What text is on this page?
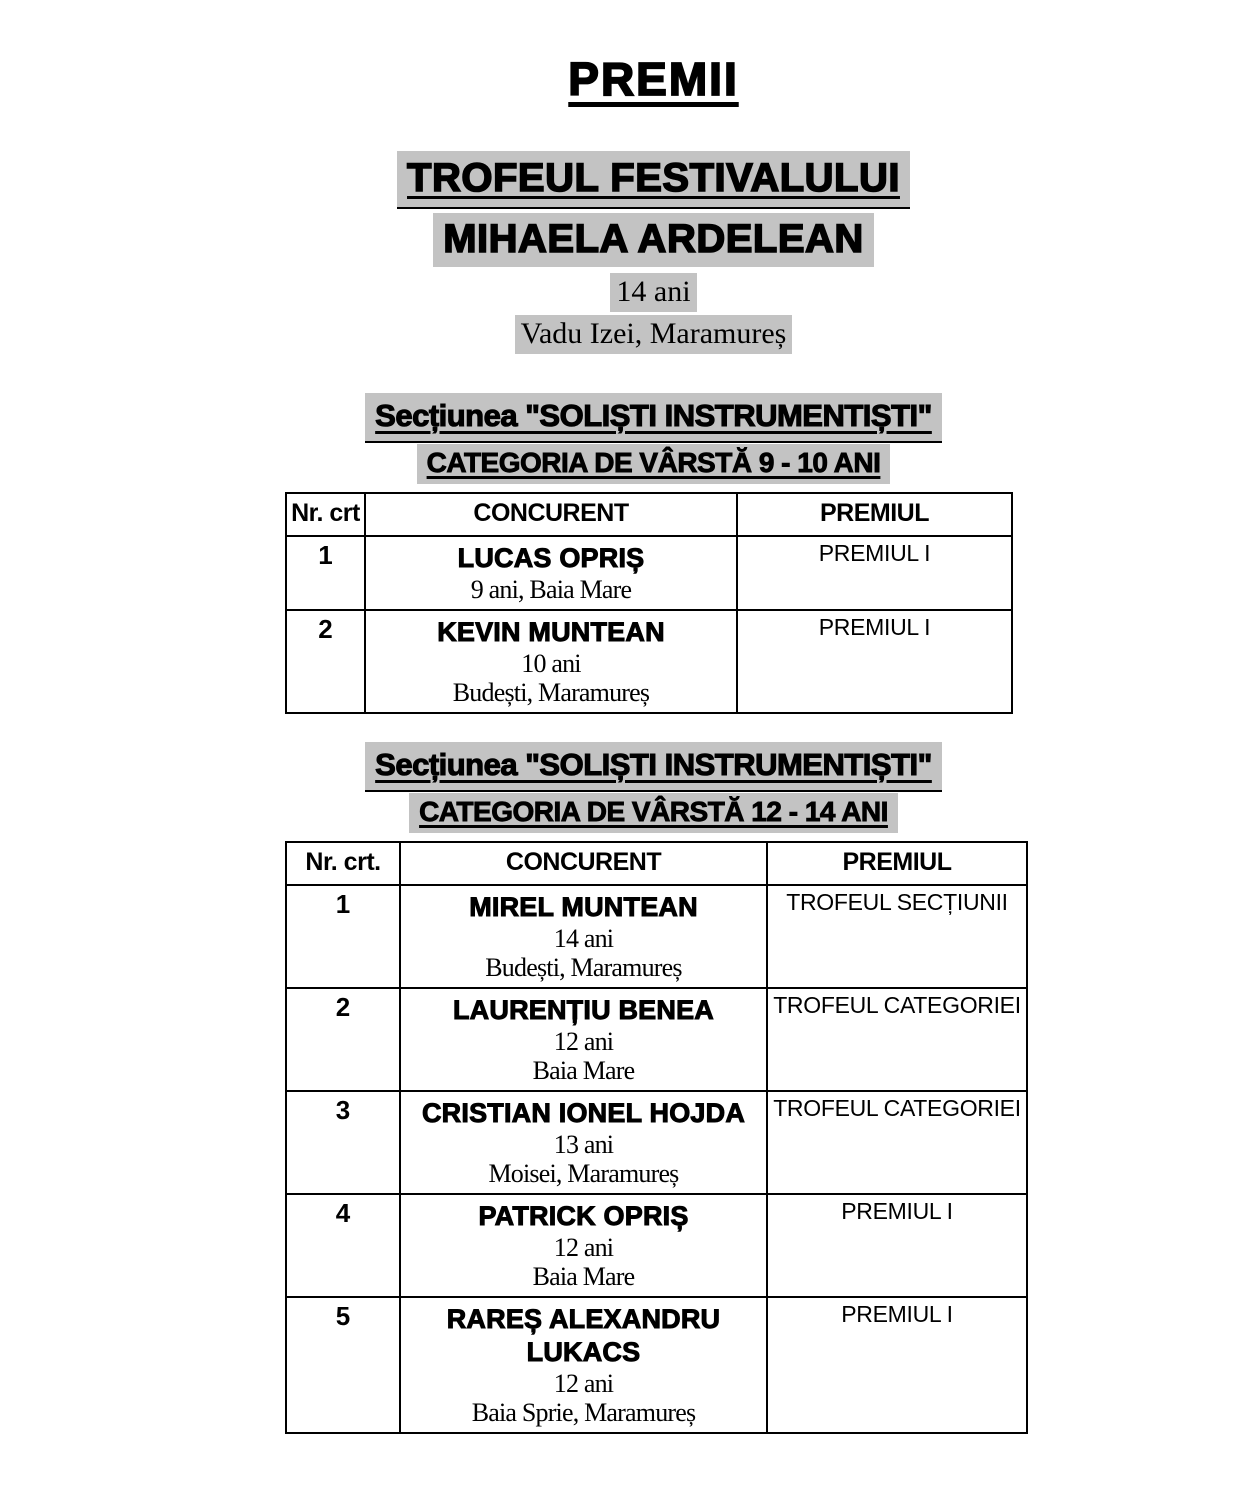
PREMII
TROFEUL FESTIVALULUI
MIHAELA ARDELEAN
14 ani
Vadu Izei, Maramureș
Secțiunea "SOLIȘTI INSTRUMENTIȘTI"
CATEGORIA DE VÂRSTĂ 9 - 10 ANI
Nr. crt	CONCURENT	PREMIUL
1	LUCAS OPRIȘ
9 ani, Baia Mare	PREMIUL I
2	KEVIN MUNTEAN
10 ani
Budești, Maramureș	PREMIUL I
Secțiunea "SOLIȘTI INSTRUMENTIȘTI"
CATEGORIA DE VÂRSTĂ 12 - 14 ANI
Nr. crt.	CONCURENT	PREMIUL
1	MIREL MUNTEAN
14 ani
Budești, Maramureș	TROFEUL SECȚIUNII
2	LAURENȚIU BENEA
12 ani
Baia Mare	TROFEUL CATEGORIEI
3	CRISTIAN IONEL HOJDA
13 ani
Moisei, Maramureș	TROFEUL CATEGORIEI
4	PATRICK OPRIȘ
12 ani
Baia Mare	PREMIUL I
5	RAREȘ ALEXANDRU LUKACS
12 ani
Baia Sprie, Maramureș	PREMIUL I
